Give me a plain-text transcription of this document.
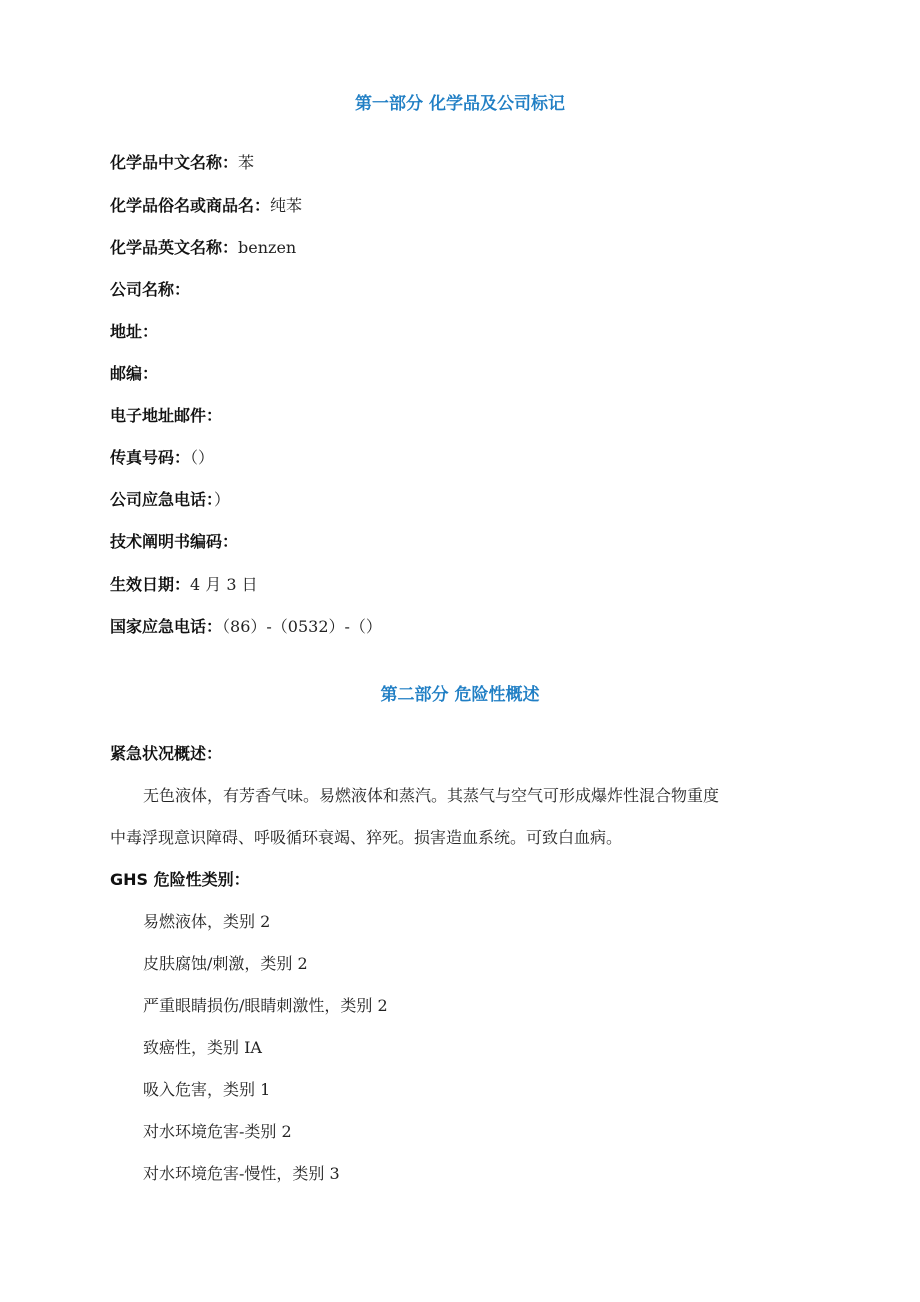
第一部分 化学品及公司标记
化学品中文名称：苯
化学品俗名或商品名：纯苯
化学品英文名称：benzen
公司名称：
地址：
邮编：
电子地址邮件：
传真号码：（）
公司应急电话：）
技术阐明书编码：
生效日期：4 月 3 日
国家应急电话：（86）-（0532）-（）
第二部分 危险性概述
紧急状况概述：
无色液体，有芳香气味。易燃液体和蒸汽。其蒸气与空气可形成爆炸性混合物重度
中毒浮现意识障碍、呼吸循环衰竭、猝死。损害造血系统。可致白血病。
GHS 危险性类别：
易燃液体，类别 2
皮肤腐蚀/刺激，类别 2
严重眼睛损伤/眼睛刺激性，类别 2
致癌性，类别 IA
吸入危害，类别 1
对水环境危害-类别 2
对水环境危害-慢性，类别 3
